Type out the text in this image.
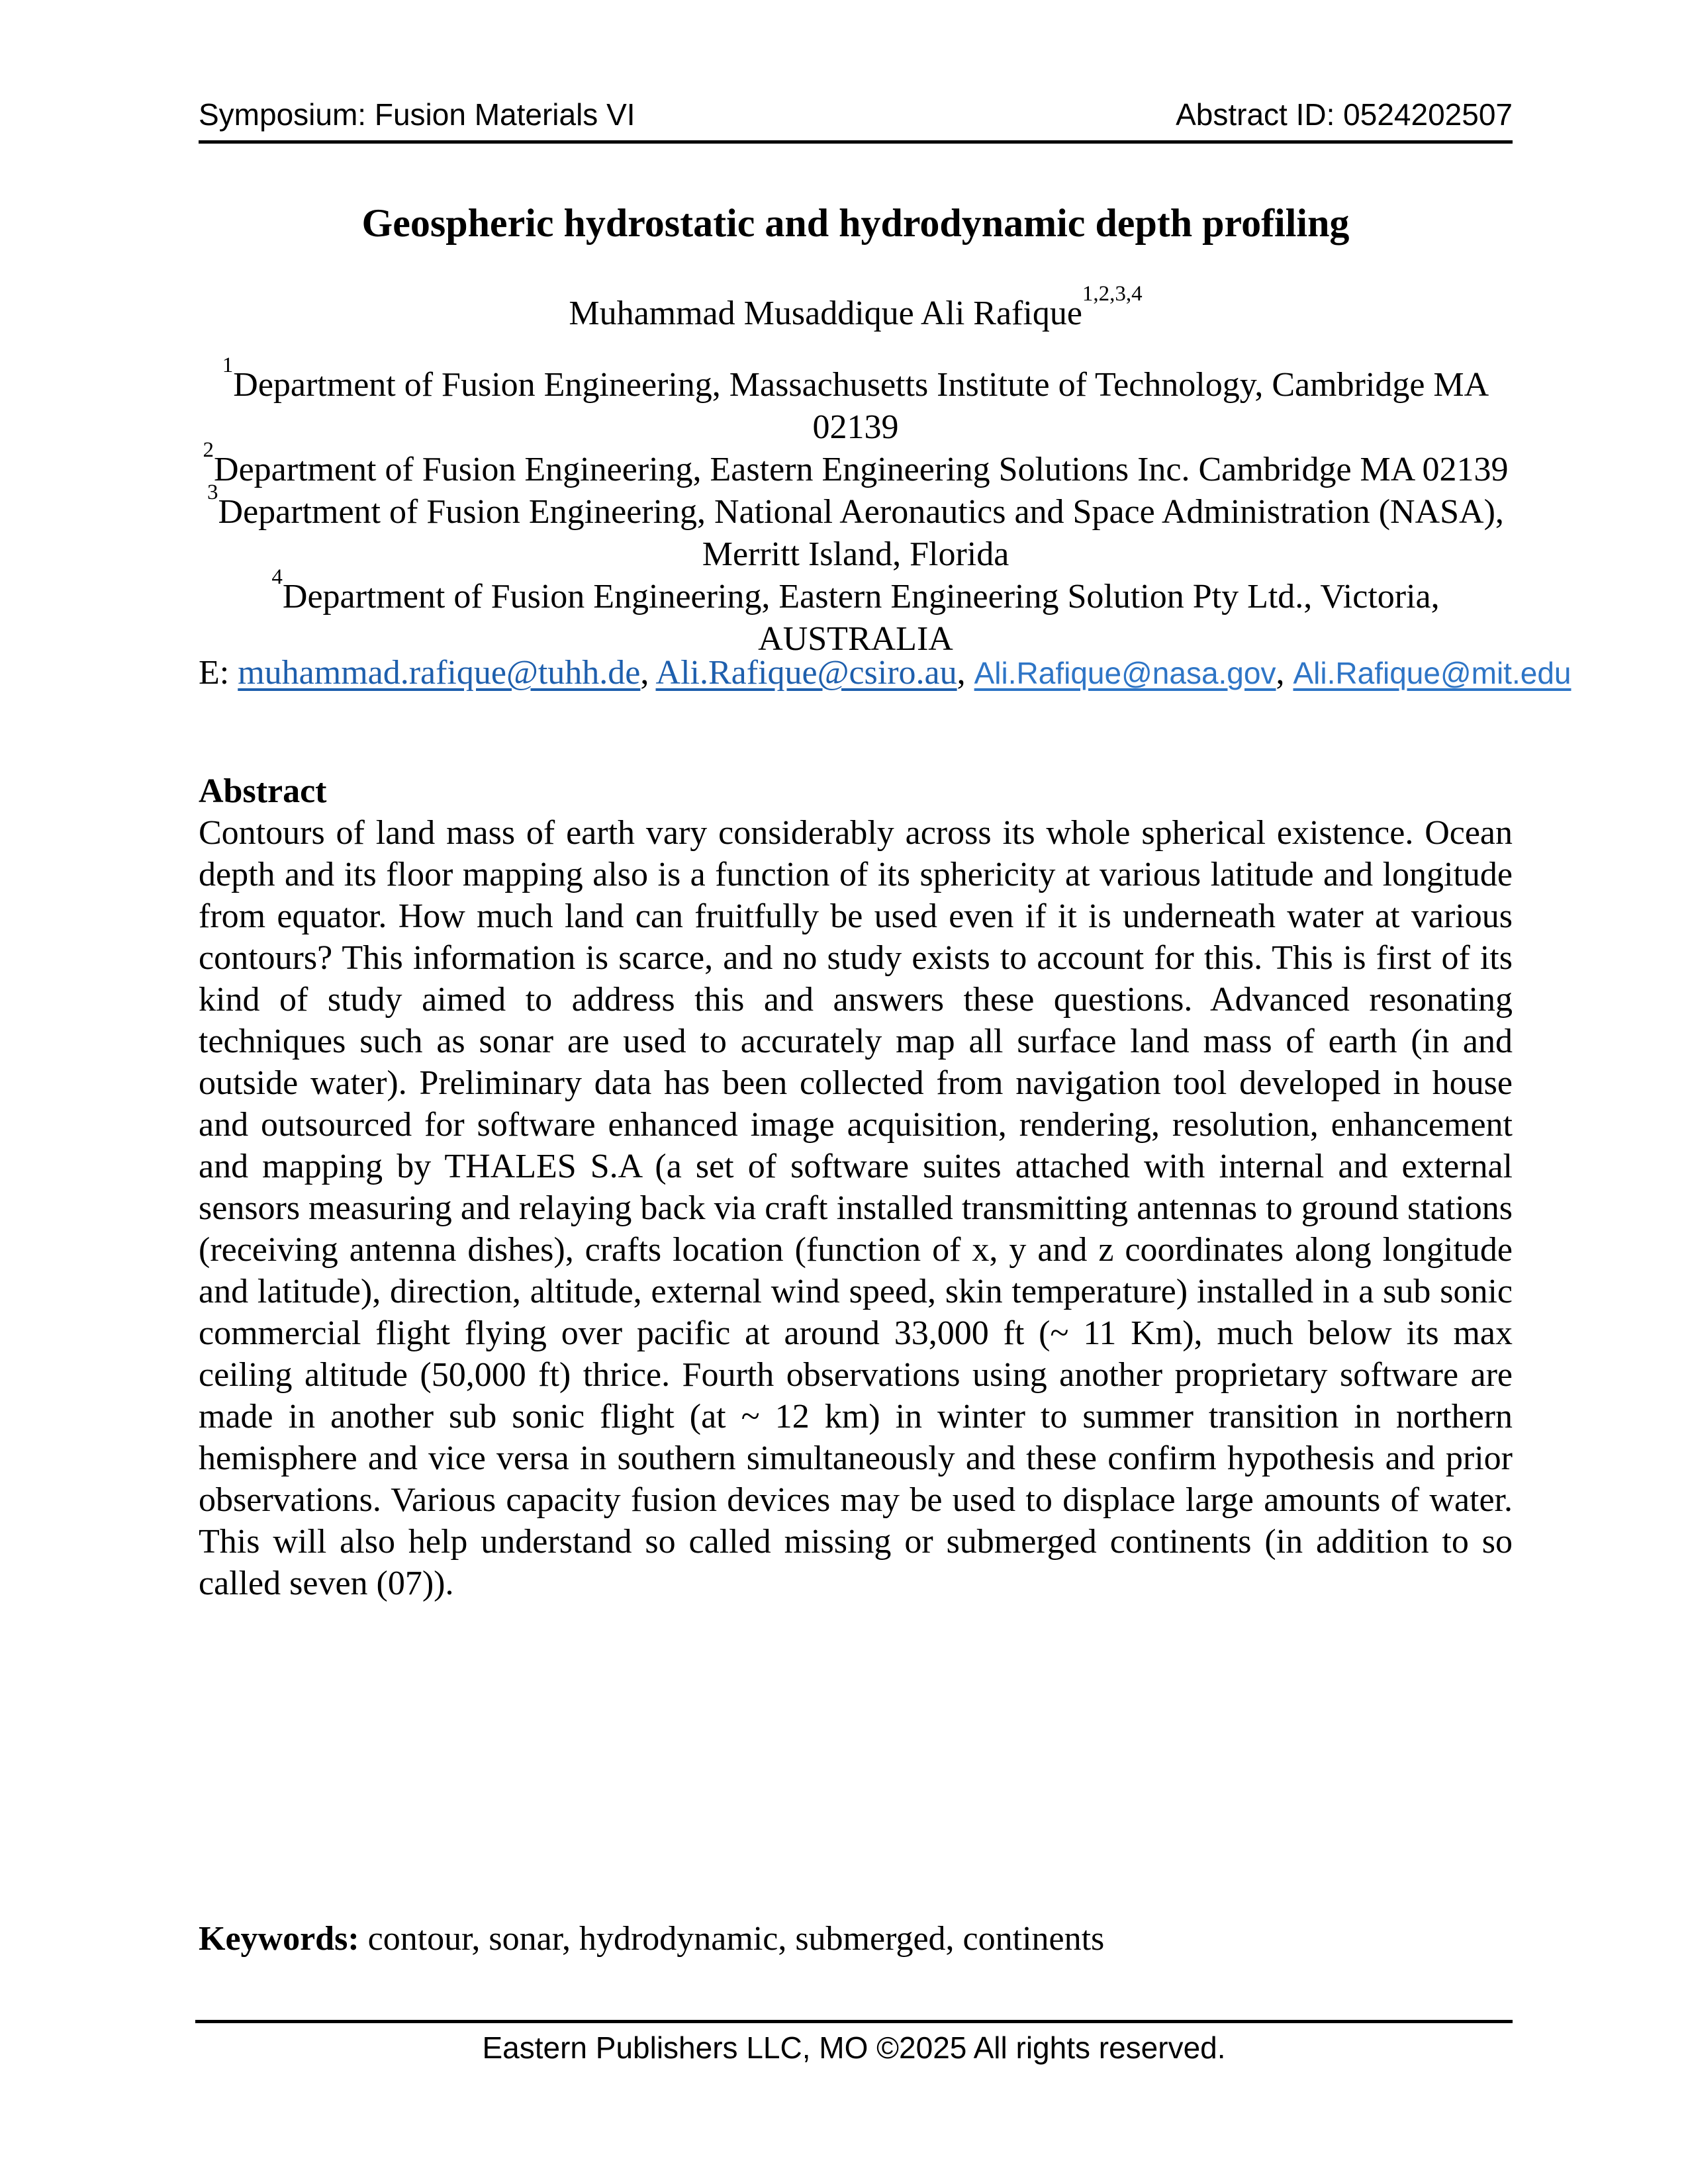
Symposium: Fusion Materials VI	Abstract ID: 0524202507
Geospheric hydrostatic and hydrodynamic depth profiling
Muhammad Musaddique Ali Rafique$^{1,2,3,4}$
$^1$Department of Fusion Engineering, Massachusetts Institute of Technology, Cambridge MA 02139
$^2$Department of Fusion Engineering, Eastern Engineering Solutions Inc. Cambridge MA 02139
$^3$Department of Fusion Engineering, National Aeronautics and Space Administration (NASA),
Merritt Island, Florida
$^4$Department of Fusion Engineering, Eastern Engineering Solution Pty Ltd., Victoria,
AUSTRALIA
E: muhammad.rafique@tuhh.de, Ali.Rafique@csiro.au, Ali.Rafique@nasa.gov, Ali.Rafique@mit.edu
Abstract
Contours of land mass of earth vary considerably across its whole spherical existence. Ocean depth and its floor mapping also is a function of its sphericity at various latitude and longitude from equator. How much land can fruitfully be used even if it is underneath water at various contours? This information is scarce, and no study exists to account for this. This is first of its kind of study aimed to address this and answers these questions. Advanced resonating techniques such as sonar are used to accurately map all surface land mass of earth (in and outside water). Preliminary data has been collected from navigation tool developed in house and outsourced for software enhanced image acquisition, rendering, resolution, enhancement and mapping by THALES S.A (a set of software suites attached with internal and external sensors measuring and relaying back via craft installed transmitting antennas to ground stations (receiving antenna dishes), crafts location (function of x, y and z coordinates along longitude and latitude), direction, altitude, external wind speed, skin temperature) installed in a sub sonic commercial flight flying over pacific at around 33,000 ft (~ 11 Km), much below its max ceiling altitude (50,000 ft) thrice. Fourth observations using another proprietary software are made in another sub sonic flight (at ~ 12 km) in winter to summer transition in northern hemisphere and vice versa in southern simultaneously and these confirm hypothesis and prior observations. Various capacity fusion devices may be used to displace large amounts of water. This will also help understand so called missing or submerged continents (in addition to so called seven (07)).
Keywords: contour, sonar, hydrodynamic, submerged, continents
Eastern Publishers LLC, MO ©2025 All rights reserved.
